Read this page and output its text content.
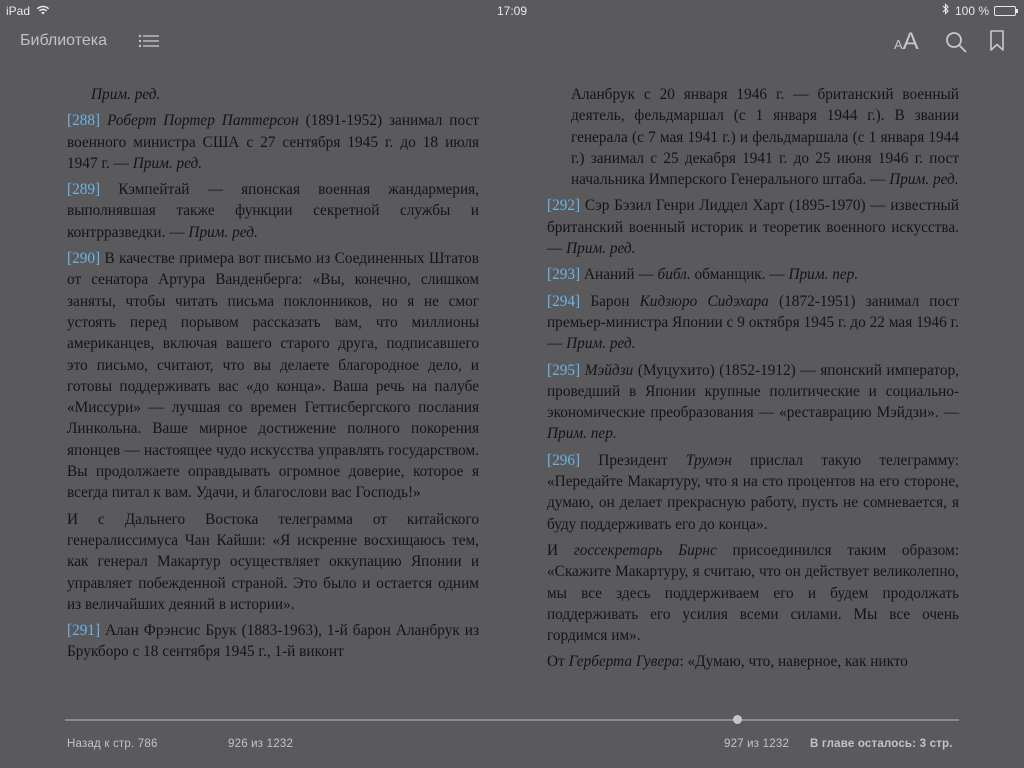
iPad	17:09	100 %
Библиотека	AA

Прим. ред.

[288] Роберт Портер Паттерсон (1891-1952) занимал пост военного министра США с 27 сентября 1945 г. до 18 июля 1947 г. — Прим. ред.

[289] Кэмпейтай — японская военная жандармерия, выполнявшая также функции секретной службы и контрразведки. — Прим. ред.

[290] В качестве примера вот письмо из Соединенных Штатов от сенатора Артура Ванденберга: «Вы, конечно, слишком заняты, чтобы читать письма поклонников, но я не смог устоять перед порывом рассказать вам, что миллионы американцев, включая вашего старого друга, подписавшего это письмо, считают, что вы делаете благородное дело, и готовы поддерживать вас «до конца». Ваша речь на палубе «Миссури» — лучшая со времен Геттисбергского послания Линкольна. Ваше мирное достижение полного покорения японцев — настоящее чудо искусства управлять государством. Вы продолжаете оправдывать огромное доверие, которое я всегда питал к вам. Удачи, и благослови вас Господь!»

И с Дальнего Востока телеграмма от китайского генералиссимуса Чан Кайши: «Я искренне восхищаюсь тем, как генерал Макартур осуществляет оккупацию Японии и управляет побежденной страной. Это было и остается одним из величайших деяний в истории».

[291] Алан Фрэнсис Брук (1883-1963), 1-й барон Аланбрук из Брукборо с 18 сентября 1945 г., 1-й виконт

Аланбрук с 20 января 1946 г. — британский военный деятель, фельдмаршал (с 1 января 1944 г.). В звании генерала (с 7 мая 1941 г.) и фельдмаршала (с 1 января 1944 г.) занимал с 25 декабря 1941 г. до 25 июня 1946 г. пост начальника Имперского Генерального штаба. — Прим. ред.

[292] Сэр Бэзил Генри Лиддел Харт (1895-1970) — известный британский военный историк и теоретик военного искусства. — Прим. ред.

[293] Ананий — библ. обманщик. — Прим. пер.

[294] Барон Кидзюро Сидэхара (1872-1951) занимал пост премьер-министра Японии с 9 октября 1945 г. до 22 мая 1946 г. — Прим. ред.

[295] Мэйдзи (Муцухито) (1852-1912) — японский император, проведший в Японии крупные политические и социально-экономические преобразования — «реставрацию Мэйдзи». — Прим. пер.

[296] Президент Трумэн прислал такую телеграмму: «Передайте Макартуру, что я на сто процентов на его стороне, думаю, он делает прекрасную работу, пусть не сомневается, я буду поддерживать его до конца».

И госсекретарь Бирнс присоединился таким образом: «Скажите Макартуру, я считаю, что он действует великолепно, мы все здесь поддерживаем его и будем продолжать поддерживать его усилия всеми силами. Мы все очень гордимся им».

От Герберта Гувера: «Думаю, что, наверное, как никто

Назад к стр. 786	926 из 1232	927 из 1232 В главе осталось: 3 стр.
